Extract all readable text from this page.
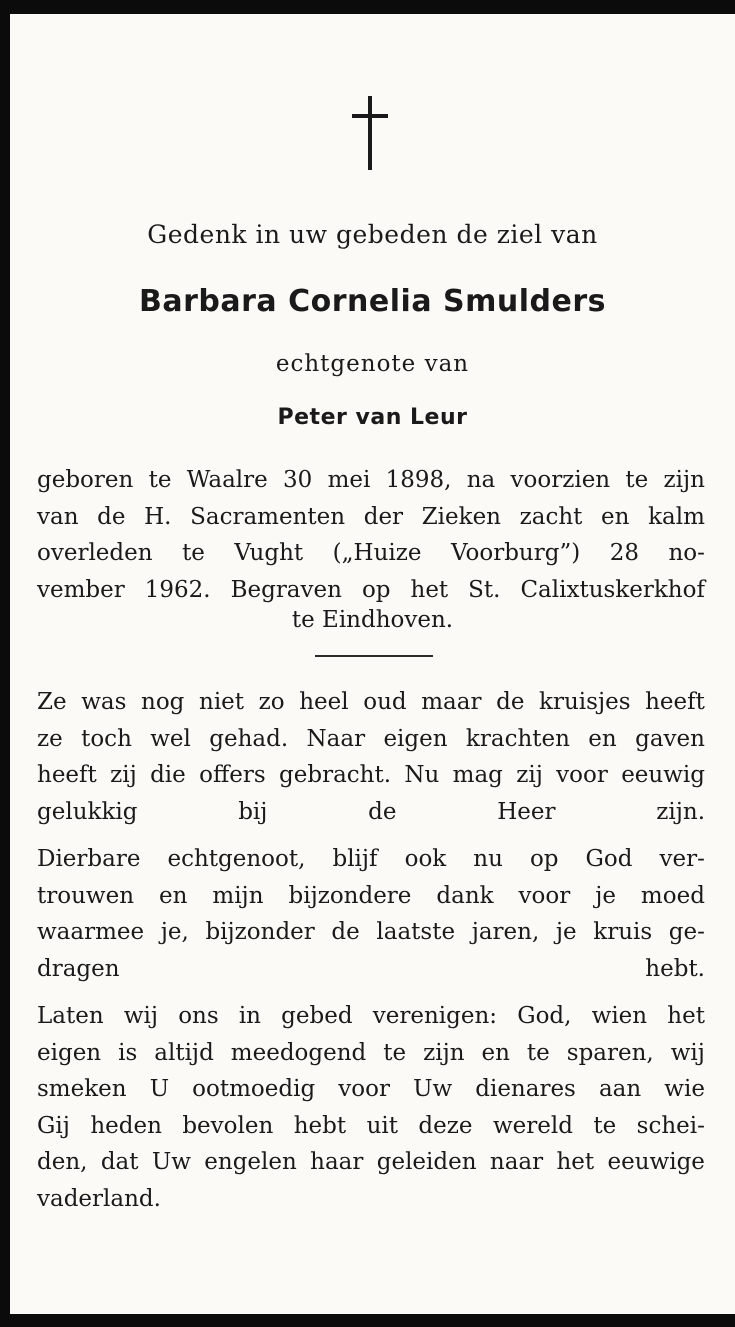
Gedenk in uw gebeden de ziel van
Barbara Cornelia Smulders
echtgenote van
Peter van Leur
geboren te Waalre 30 mei 1898, na voorzien te zijn
van de H. Sacramenten der Zieken zacht en kalm
overleden te Vught („Huize Voorburg”) 28 no-
vember 1962. Begraven op het St. Calixtuskerkhof
te Eindhoven.
Ze was nog niet zo heel oud maar de kruisjes heeft
ze toch wel gehad. Naar eigen krachten en gaven
heeft zij die offers gebracht. Nu mag zij voor eeuwig
gelukkig bij de Heer zijn.
Dierbare echtgenoot, blijf ook nu op God ver-
trouwen en mijn bijzondere dank voor je moed
waarmee je, bijzonder de laatste jaren, je kruis ge-
dragen hebt.
Laten wij ons in gebed verenigen: God, wien het
eigen is altijd meedogend te zijn en te sparen, wij
smeken U ootmoedig voor Uw dienares aan wie
Gij heden bevolen hebt uit deze wereld te schei-
den, dat Uw engelen haar geleiden naar het eeuwige
vaderland.
